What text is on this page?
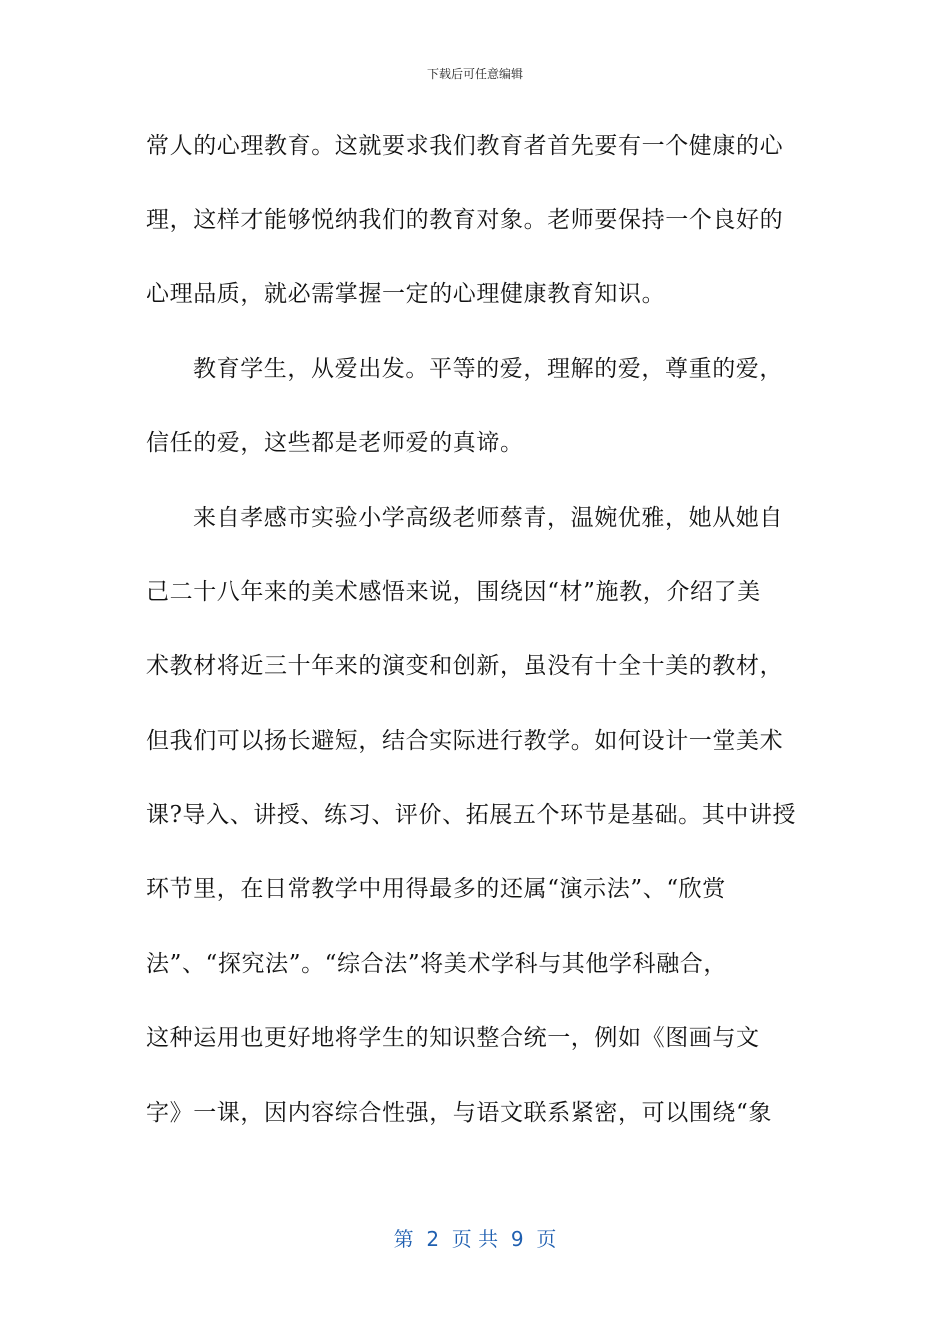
下载后可任意编辑
常人的心理教育。这就要求我们教育者首先要有一个健康的心
理，这样才能够悦纳我们的教育对象。老师要保持一个良好的
心理品质，就必需掌握一定的心理健康教育知识。
教育学生，从爱出发。平等的爱，理解的爱，尊重的爱，
信任的爱，这些都是老师爱的真谛。
来自孝感市实验小学高级老师蔡青，温婉优雅，她从她自
己二十八年来的美术感悟来说，围绕因“材”施教，介绍了美
术教材将近三十年来的演变和创新，虽没有十全十美的教材，
但我们可以扬长避短，结合实际进行教学。如何设计一堂美术
课?导入、讲授、练习、评价、拓展五个环节是基础。其中讲授
环节里，在日常教学中用得最多的还属“演示法”、“欣赏
法”、“探究法”。“综合法”将美术学科与其他学科融合，
这种运用也更好地将学生的知识整合统一，例如《图画与文
字》一课，因内容综合性强，与语文联系紧密，可以围绕“象
第  2  页 共  9  页
